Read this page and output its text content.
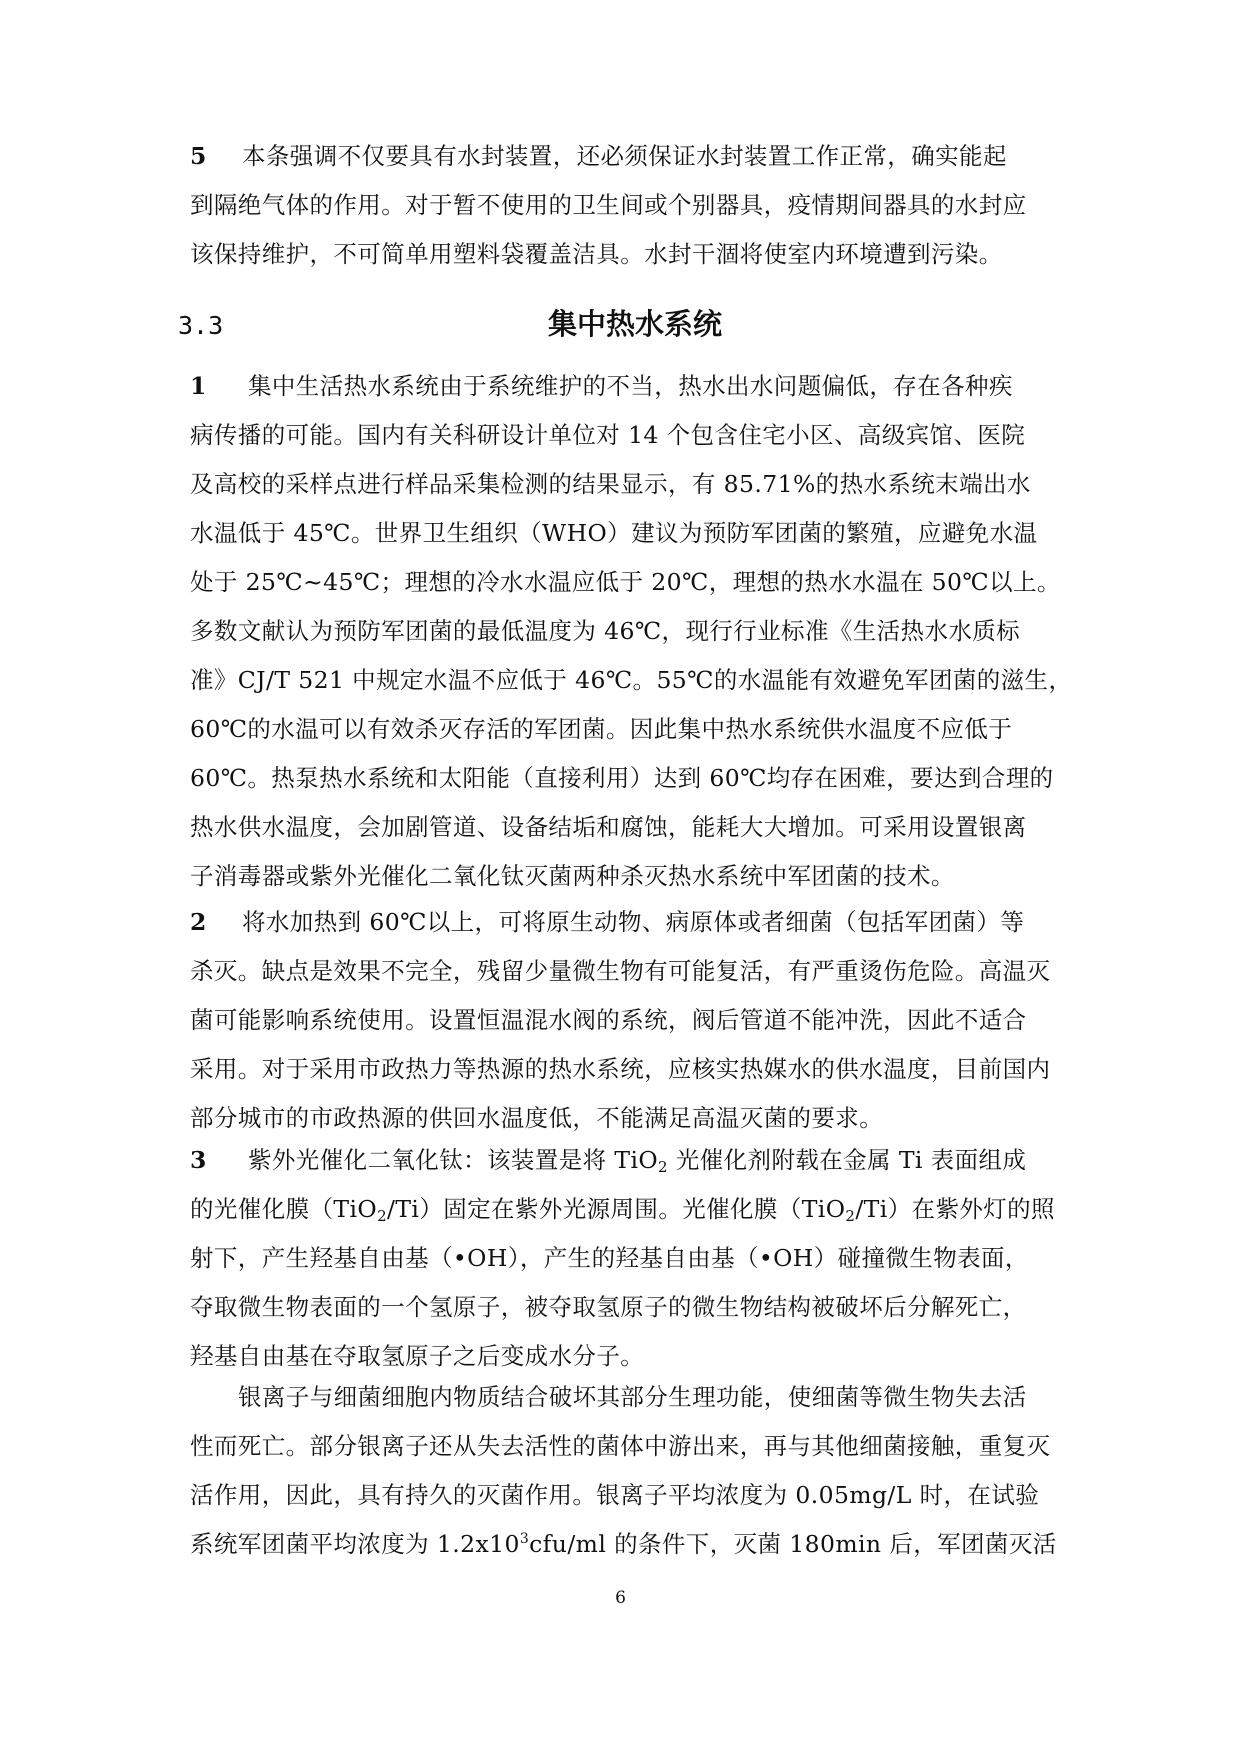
5 本条强调不仅要具有水封装置，还必须保证水封装置工作正常，确实能起
到隔绝气体的作用。对于暂不使用的卫生间或个别器具，疫情期间器具的水封应
该保持维护，不可简单用塑料袋覆盖洁具。水封干涸将使室内环境遭到污染。
3.3	集中热水系统
1 集中生活热水系统由于系统维护的不当，热水出水问题偏低，存在各种疾
病传播的可能。国内有关科研设计单位对 14 个包含住宅小区、高级宾馆、医院
及高校的采样点进行样品采集检测的结果显示，有 85.71%的热水系统末端出水
水温低于 45℃。世界卫生组织（WHO）建议为预防军团菌的繁殖，应避免水温
处于 25℃~45℃；理想的冷水水温应低于 20℃，理想的热水水温在 50℃以上。
多数文献认为预防军团菌的最低温度为 46℃，现行行业标准《生活热水水质标
准》CJ/T 521 中规定水温不应低于 46℃。55℃的水温能有效避免军团菌的滋生，
60℃的水温可以有效杀灭存活的军团菌。因此集中热水系统供水温度不应低于
60℃。热泵热水系统和太阳能（直接利用）达到 60℃均存在困难，要达到合理的
热水供水温度，会加剧管道、设备结垢和腐蚀，能耗大大增加。可采用设置银离
子消毒器或紫外光催化二氧化钛灭菌两种杀灭热水系统中军团菌的技术。
2 将水加热到 60℃以上，可将原生动物、病原体或者细菌（包括军团菌）等
杀灭。缺点是效果不完全，残留少量微生物有可能复活，有严重烫伤危险。高温灭
菌可能影响系统使用。设置恒温混水阀的系统，阀后管道不能冲洗，因此不适合
采用。对于采用市政热力等热源的热水系统，应核实热媒水的供水温度，目前国内
部分城市的市政热源的供回水温度低，不能满足高温灭菌的要求。
3 紫外光催化二氧化钛：该装置是将 TiO$_2$ 光催化剂附载在金属 Ti 表面组成
的光催化膜（TiO$_2$/Ti）固定在紫外光源周围。光催化膜（TiO$_2$/Ti）在紫外灯的照
射下，产生羟基自由基（•OH），产生的羟基自由基（•OH）碰撞微生物表面，
夺取微生物表面的一个氢原子，被夺取氢原子的微生物结构被破坏后分解死亡，
羟基自由基在夺取氢原子之后变成水分子。
银离子与细菌细胞内物质结合破坏其部分生理功能，使细菌等微生物失去活
性而死亡。部分银离子还从失去活性的菌体中游出来，再与其他细菌接触，重复灭
活作用，因此，具有持久的灭菌作用。银离子平均浓度为 0.05mg/L 时，在试验
系统军团菌平均浓度为 $1.2x10^3cfu/ml$ 的条件下，灭菌 180min 后，军团菌灭活
6
